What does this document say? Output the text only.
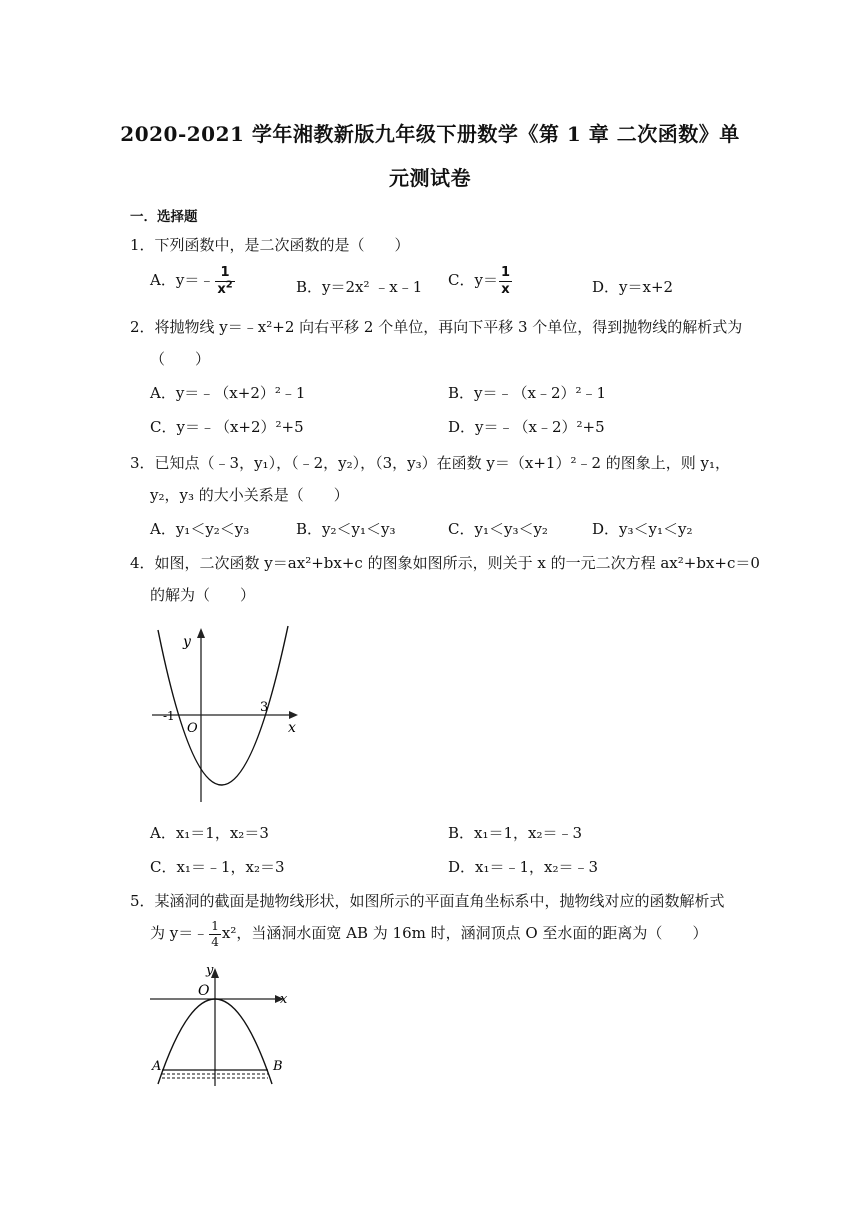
2020-2021 学年湘教新版九年级下册数学《第 1 章 二次函数》单
元测试卷
一．选择题
1．下列函数中，是二次函数的是（　　）
A．y＝﹣ $\frac{1}{x^2}$	B．y＝2x² ﹣x﹣1 C．$y= \frac{1}{x}$	D．y＝x+2
2．将抛物线 y＝﹣x²+2 向右平移 2 个单位，再向下平移 3 个单位，得到抛物线的解析式为
（　　）
A．y＝﹣（x+2）²﹣1	B．y＝﹣（x﹣2）²﹣1
C．y＝﹣（x+2）²+5	D．y＝﹣（x﹣2）²+5
3．已知点（﹣3，y₁），（﹣2，y₂），（3，y₃）在函数 y＝（x+1）²﹣2 的图象上，则 y₁，
y₂，y₃ 的大小关系是（　　）
A．y₁＜y₂＜y₃	B．y₂＜y₁＜y₃	C．y₁＜y₃＜y₂	D．y₃＜y₁＜y₂
4．如图，二次函数 y＝ax²+bx+c 的图象如图所示，则关于 x 的一元二次方程 ax²+bx+c＝0
的解为（　　）
y
x
O
-1
3
A．x₁＝1，x₂＝3	B．x₁＝1，x₂＝﹣3
C．x₁＝﹣1，x₂＝3	D．x₁＝﹣1，x₂＝﹣3
5．某涵洞的截面是抛物线形状，如图所示的平面直角坐标系中，抛物线对应的函数解析式
为 y＝﹣ $\frac{1}{4} x^2$，当涵洞水面宽 AB 为 16m 时，涵洞顶点 O 至水面的距离为（　　）
y
x
O
A	B
